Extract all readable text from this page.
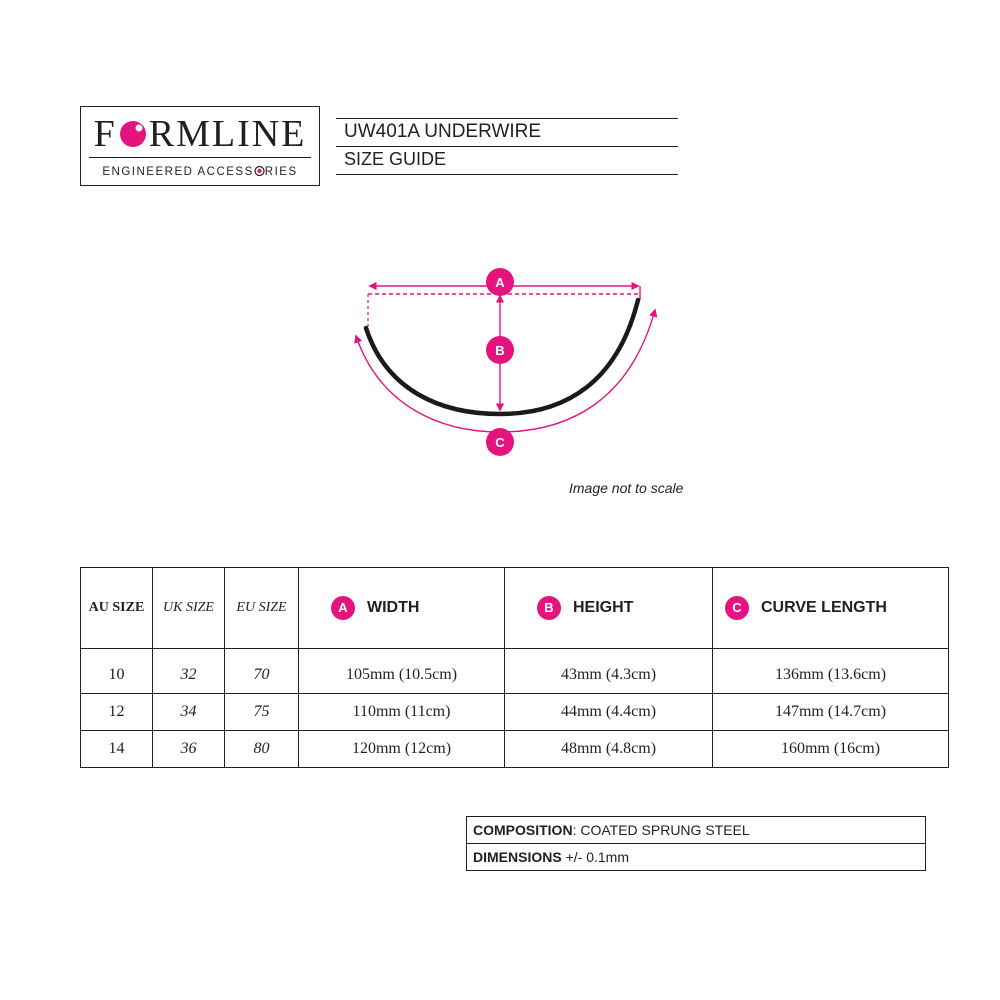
F RMLINE
ENGINEERED ACCESS RIES
UW401A UNDERWIRE
SIZE GUIDE
A
B
C
Image not to scale
AU SIZE	UK SIZE	EU SIZE	A WIDTH	B HEIGHT	C CURVE LENGTH

10	32	70	105mm (10.5cm)	43mm (4.3cm)	136mm (13.6cm)
12	34	75	110mm (11cm)	44mm (4.4cm)	147mm (14.7cm)
14	36	80	120mm (12cm)	48mm (4.8cm)	160mm (16cm)
COMPOSITION: COATED SPRUNG STEEL
DIMENSIONS +/- 0.1mm
